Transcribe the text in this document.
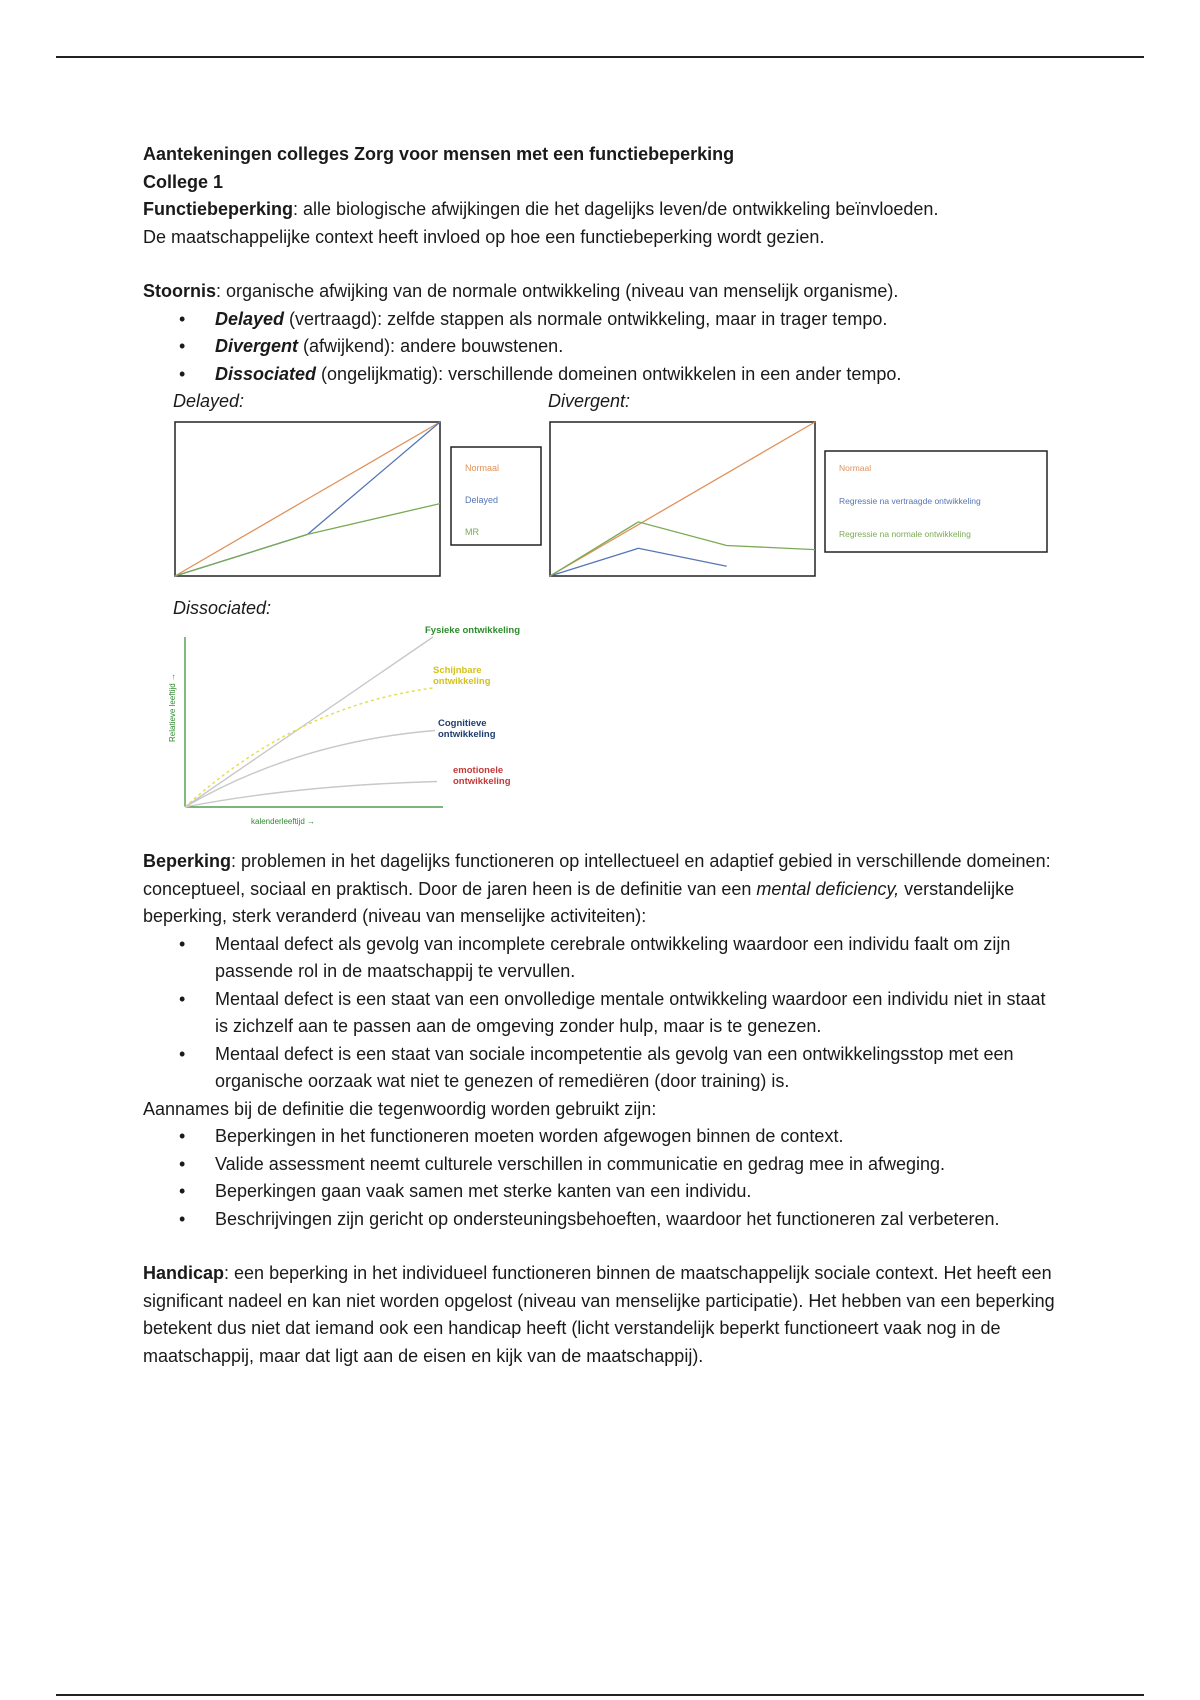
Aantekeningen colleges Zorg voor mensen met een functiebeperking

College 1

Functiebeperking: alle biologische afwijkingen die het dagelijks leven/de ontwikkeling beïnvloeden.

De maatschappelijke context heeft invloed op hoe een functiebeperking wordt gezien.

Stoornis: organische afwijking van de normale ontwikkeling (niveau van menselijk organisme).

• Delayed (vertraagd): zelfde stappen als normale ontwikkeling, maar in trager tempo.
• Divergent (afwijkend): andere bouwstenen.
• Dissociated (ongelijkmatig): verschillende domeinen ontwikkelen in een ander tempo.
Delayed:	Divergent:
Normaal
Delayed
MR
Normaal
Regressie na vertraagde ontwikkeling
Regressie na normale ontwikkeling
Dissociated:
Relatieve leeftijd →
kalenderleeftijd →
Fysieke ontwikkeling
Schijnbare ontwikkeling
Cognitieve ontwikkeling
emotionele ontwikkeling

Beperking: problemen in het dagelijks functioneren op intellectueel en adaptief gebied in verschillende domeinen: conceptueel, sociaal en praktisch. Door de jaren heen is de definitie van een mental deficiency, verstandelijke beperking, sterk veranderd (niveau van menselijke activiteiten):

• Mentaal defect als gevolg van incomplete cerebrale ontwikkeling waardoor een individu faalt om zijn passende rol in de maatschappij te vervullen.
• Mentaal defect is een staat van een onvolledige mentale ontwikkeling waardoor een individu niet in staat is zichzelf aan te passen aan de omgeving zonder hulp, maar is te genezen.
• Mentaal defect is een staat van sociale incompetentie als gevolg van een ontwikkelingsstop met een organische oorzaak wat niet te genezen of remediëren (door training) is.

Aannames bij de definitie die tegenwoordig worden gebruikt zijn:

• Beperkingen in het functioneren moeten worden afgewogen binnen de context.
• Valide assessment neemt culturele verschillen in communicatie en gedrag mee in afweging.
• Beperkingen gaan vaak samen met sterke kanten van een individu.
• Beschrijvingen zijn gericht op ondersteuningsbehoeften, waardoor het functioneren zal verbeteren.

Handicap: een beperking in het individueel functioneren binnen de maatschappelijk sociale context. Het heeft een significant nadeel en kan niet worden opgelost (niveau van menselijke participatie). Het hebben van een beperking betekent dus niet dat iemand ook een handicap heeft (licht verstandelijk beperkt functioneert vaak nog in de maatschappij, maar dat ligt aan de eisen en kijk van de maatschappij).
